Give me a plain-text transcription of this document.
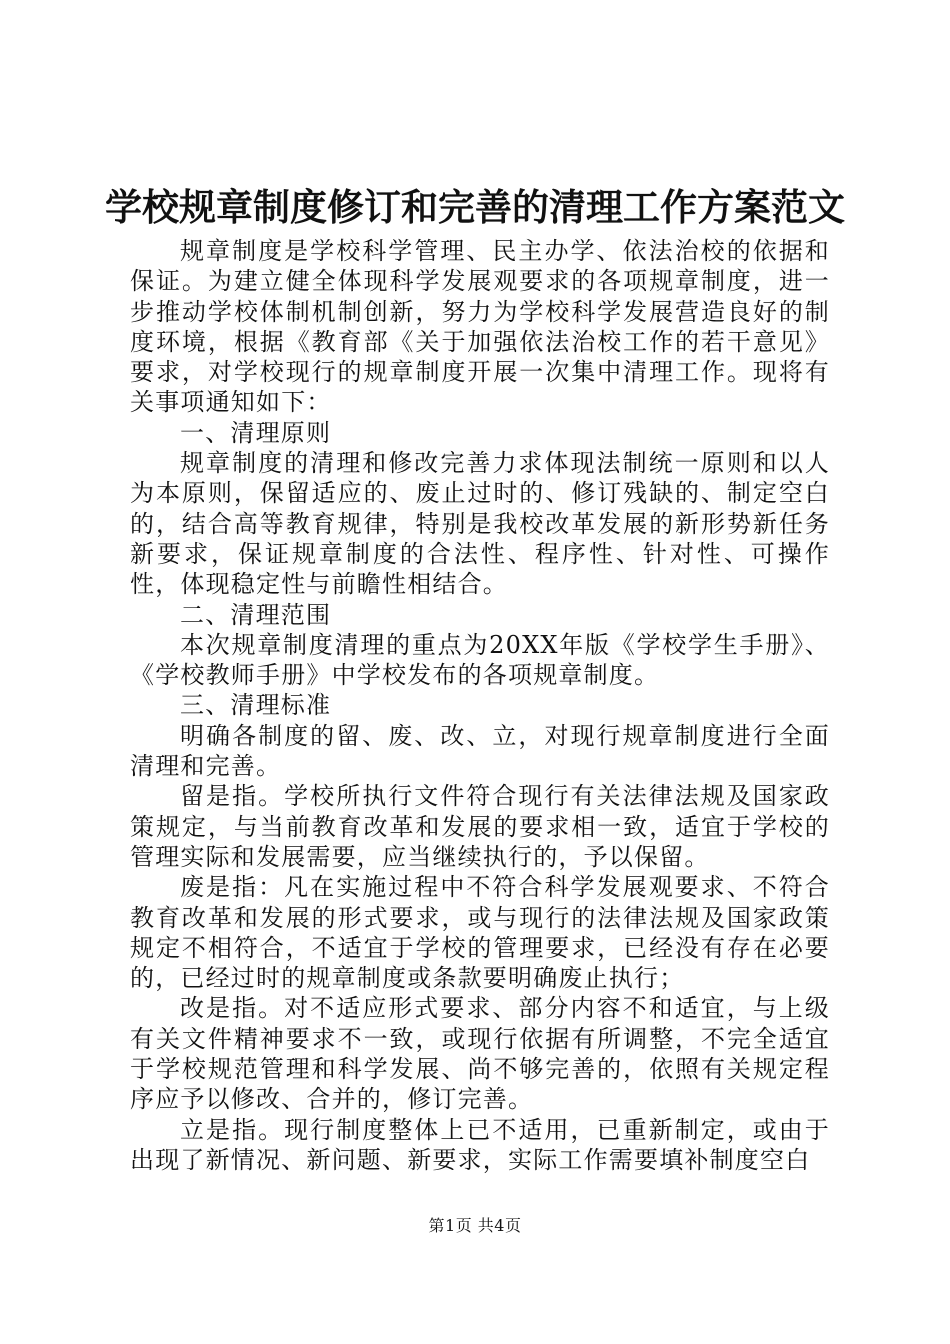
学校规章制度修订和完善的清理工作方案范文

规章制度是学校科学管理、民主办学、依法治校的依据和保证。为建立健全体现科学发展观要求的各项规章制度，进一步推动学校体制机制创新，努力为学校科学发展营造良好的制度环境，根据《教育部《关于加强依法治校工作的若干意见》要求，对学校现行的规章制度开展一次集中清理工作。现将有关事项通知如下：

一、清理原则

规章制度的清理和修改完善力求体现法制统一原则和以人为本原则，保留适应的、废止过时的、修订残缺的、制定空白的，结合高等教育规律，特别是我校改革发展的新形势新任务新要求，保证规章制度的合法性、程序性、针对性、可操作性，体现稳定性与前瞻性相结合。

二、清理范围

本次规章制度清理的重点为20XX年版《学校学生手册》、《学校教师手册》中学校发布的各项规章制度。

三、清理标准

明确各制度的留、废、改、立，对现行规章制度进行全面清理和完善。

留是指。学校所执行文件符合现行有关法律法规及国家政策规定，与当前教育改革和发展的要求相一致，适宜于学校的管理实际和发展需要，应当继续执行的，予以保留。

废是指：凡在实施过程中不符合科学发展观要求、不符合教育改革和发展的形式要求，或与现行的法律法规及国家政策规定不相符合，不适宜于学校的管理要求，已经没有存在必要的，已经过时的规章制度或条款要明确废止执行；

改是指。对不适应形式要求、部分内容不和适宜，与上级有关文件精神要求不一致，或现行依据有所调整，不完全适宜于学校规范管理和科学发展、尚不够完善的，依照有关规定程序应予以修改、合并的，修订完善。

立是指。现行制度整体上已不适用，已重新制定，或由于出现了新情况、新问题、新要求，实际工作需要填补制度空白

第1页 共4页
